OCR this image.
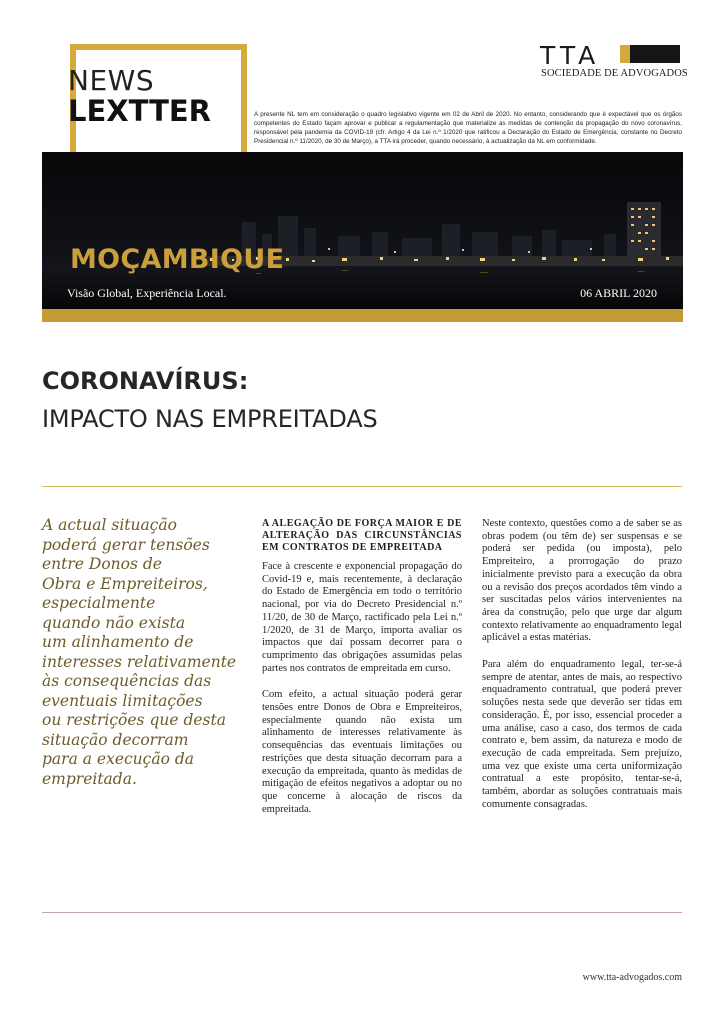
NEWS
LEXTTER
TTA
SOCIEDADE DE ADVOGADOS
A presente NL tem em consideração o quadro legislativo vigente em 02 de Abril de 2020. No entanto, considerando que é expectável que os órgãos competentes do Estado façam aprovar e publicar a regulamentação que materialize as medidas de contenção da propagação do novo coronavírus, responsável pela pandemia da COVID-19 (cfr. Artigo 4 da Lei n.º 1/2020 que ratificou a Declaração do Estado de Emergência, constante no Decreto Presidencial n.º 11/2020, de 30 de Março), a TTA irá proceder, quando necessário, à actualização da NL em conformidade.
MOÇAMBIQUE
Visão Global, Experiência Local.	06 ABRIL 2020
CORONAVÍRUS:
IMPACTO NAS EMPREITADAS

A actual situação
poderá gerar tensões
entre Donos de
Obra e Empreiteiros,
especialmente
quando não exista
um alinhamento de
interesses relativamente
às consequências das
eventuais limitações
ou restrições que desta
situação decorram
para a execução da
empreitada.

A ALEGAÇÃO DE FORÇA MAIOR E DE ALTERAÇÃO DAS CIRCUNSTÂNCIAS EM CONTRATOS DE EMPREITADA

Face à crescente e exponencial propagação do Covid-19 e, mais recentemente, à declaração do Estado de Emergência em todo o território nacional, por via do Decreto Presidencial n.º 11/20, de 30 de Março, ractificado pela Lei n.º 1/2020, de 31 de Março, importa avaliar os impactos que daí possam decorrer para o cumprimento das obrigações assumidas pelas partes nos contratos de empreitada em curso.

Com efeito, a actual situação poderá gerar tensões entre Donos de Obra e Empreiteiros, especialmente quando não exista um alinhamento de interesses relativamente às consequências das eventuais limitações ou restrições que desta situação decorram para a execução da empreitada, quanto às medidas de mitigação de efeitos negativos a adoptar ou no que concerne à alocação de riscos da empreitada.

Neste contexto, questões como a de saber se as obras podem (ou têm de) ser suspensas e se poderá ser pedida (ou imposta), pelo Empreiteiro, a prorrogação do prazo inicialmente previsto para a execução da obra ou a revisão dos preços acordados têm vindo a ser suscitadas pelos vários intervenientes na área da construção, pelo que urge dar algum contexto relativamente ao enquadramento legal aplicável a estas matérias.

Para além do enquadramento legal, ter-se-á sempre de atentar, antes de mais, ao respectivo enquadramento contratual, que poderá prever soluções nesta sede que deverão ser tidas em consideração. É, por isso, essencial proceder a uma análise, caso a caso, dos termos de cada contrato e, bem assim, da natureza e modo de execução de cada empreitada. Sem prejuízo, uma vez que existe uma certa uniformização contratual a este propósito, tentar-se-á, também, abordar as soluções contratuais mais comumente consagradas.

www.tta-advogados.com
